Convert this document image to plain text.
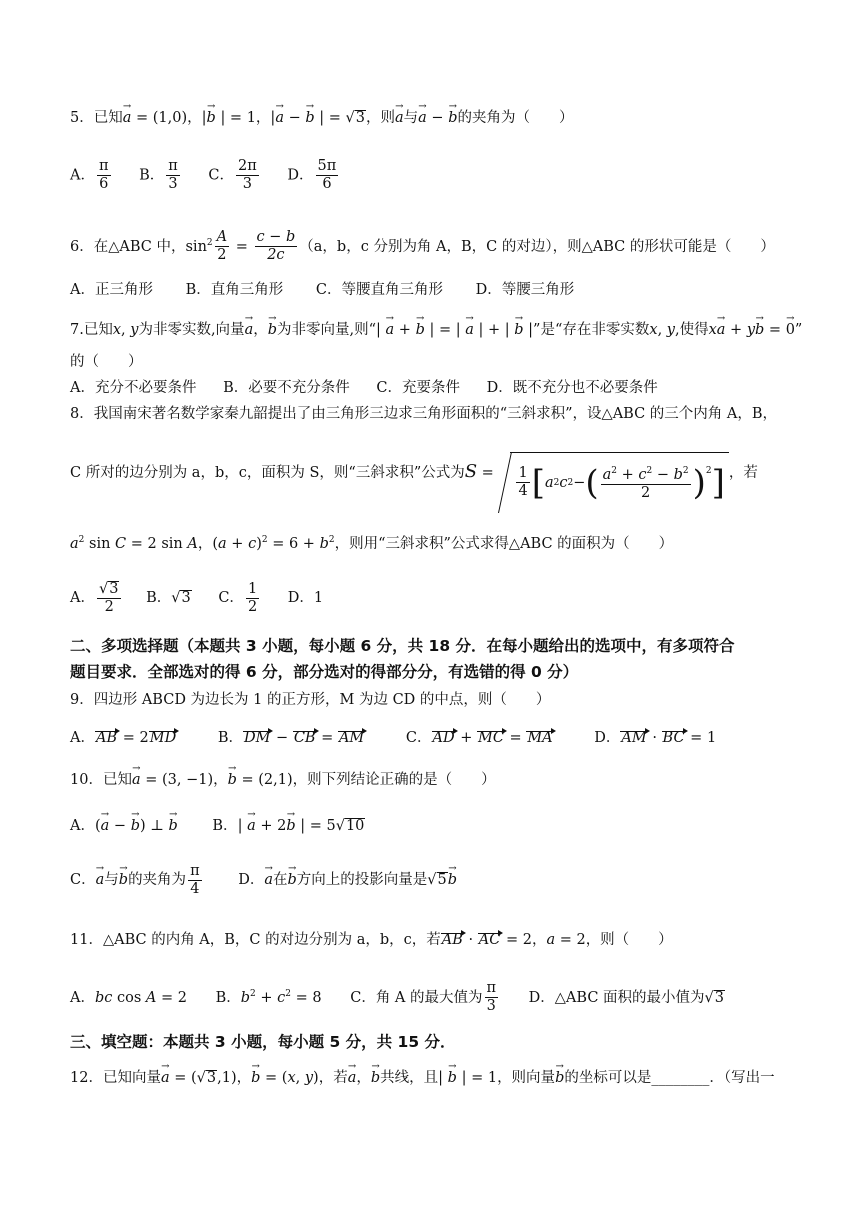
5．已知→ a = (1,0)，|→ b | = 1，|→ a − → b | = √3，则→ a与→ a − → b的夹角为（　　）
A． $\frac{\pi}{6}$ B． $\frac{\pi}{3}$ C． $\frac{2\pi}{3}$ D． $\frac{5\pi}{6}$
6．在△ABC 中，$\sin^2 \frac{A}{2} = \frac{c - b}{2c} (a$，b，c 分别为角 A，B，C 的对边），则△ABC 的形状可能是（　　）
A．正三角形 B．直角三角形 C．等腰直角三角形 D．等腰三角形
7.已知x, y为非零实数,向量→ a，→ b为非零向量,则“| → a + → b | = | → a | + | → b |”是“存在非零实数x, y,使得x→ a + y→ b = → 0”
的（　　）
A．充分不必要条件 B．必要不充分条件 C．充要条件 D．既不充分也不必要条件
8．我国南宋著名数学家秦九韶提出了由三角形三边求三角形面积的“三斜求积”，设△ABC 的三个内角 A，B，
C 所对的边分别为 a，b，c，面积为 S，则“三斜求积”公式为$S = \frac{1}{4}$ [ a 2 c 2 − ( $\frac{a^2 + c^2 - b^2}{2} )^2$ ] ，若
$a^2$ sin C = 2 sin A，$(a + c)^2 = 6 + b^2$，则用“三斜求积”公式求得△ABC 的面积为（　　）
A． $\frac{√3}{2}$ B．√3 C． $\frac{1}{2}$ D．1
二、多项选择题（本题共 3 小题，每小题 6 分，共 18 分．在每小题给出的选项中，有多项符合
题目要求．全部选对的得 6 分，部分选对的得部分分，有选错的得 0 分）
9．四边形 ABCD 为边长为 1 的正方形，M 为边 CD 的中点，则（　　）
A．AB = 2MD	B．DM − CB = AM	C．AD + MC = MA	D．AM · BC = 1
10．已知→ a = (3, −1)，→ b = (2,1)，则下列结论正确的是（　　）
A．(→ a − → b) ⊥ → b B．| → a + 2→ b | = 5√10
C．→ a与→ b的夹角为 $\frac{\pi}{4}$	D．→ a在→ b方向上的投影向量是√5→ b
11．△ABC 的内角 A，B，C 的对边分别为 a，b，c，若AB · AC = 2，a = 2，则（　　）
A．bc cos A = 2 B．$b^2 + c^2 = 8$ C．角 A 的最大值为 $\frac{\pi}{3}$ D．△ABC 面积的最小值为√3
三、填空题：本题共 3 小题，每小题 5 分，共 15 分．
12．已知向量→ a = (√3,1)，→ b = (x, y)，若→ a，→ b共线，且| → b | = 1，则向量→ b的坐标可以是________．（写出一
